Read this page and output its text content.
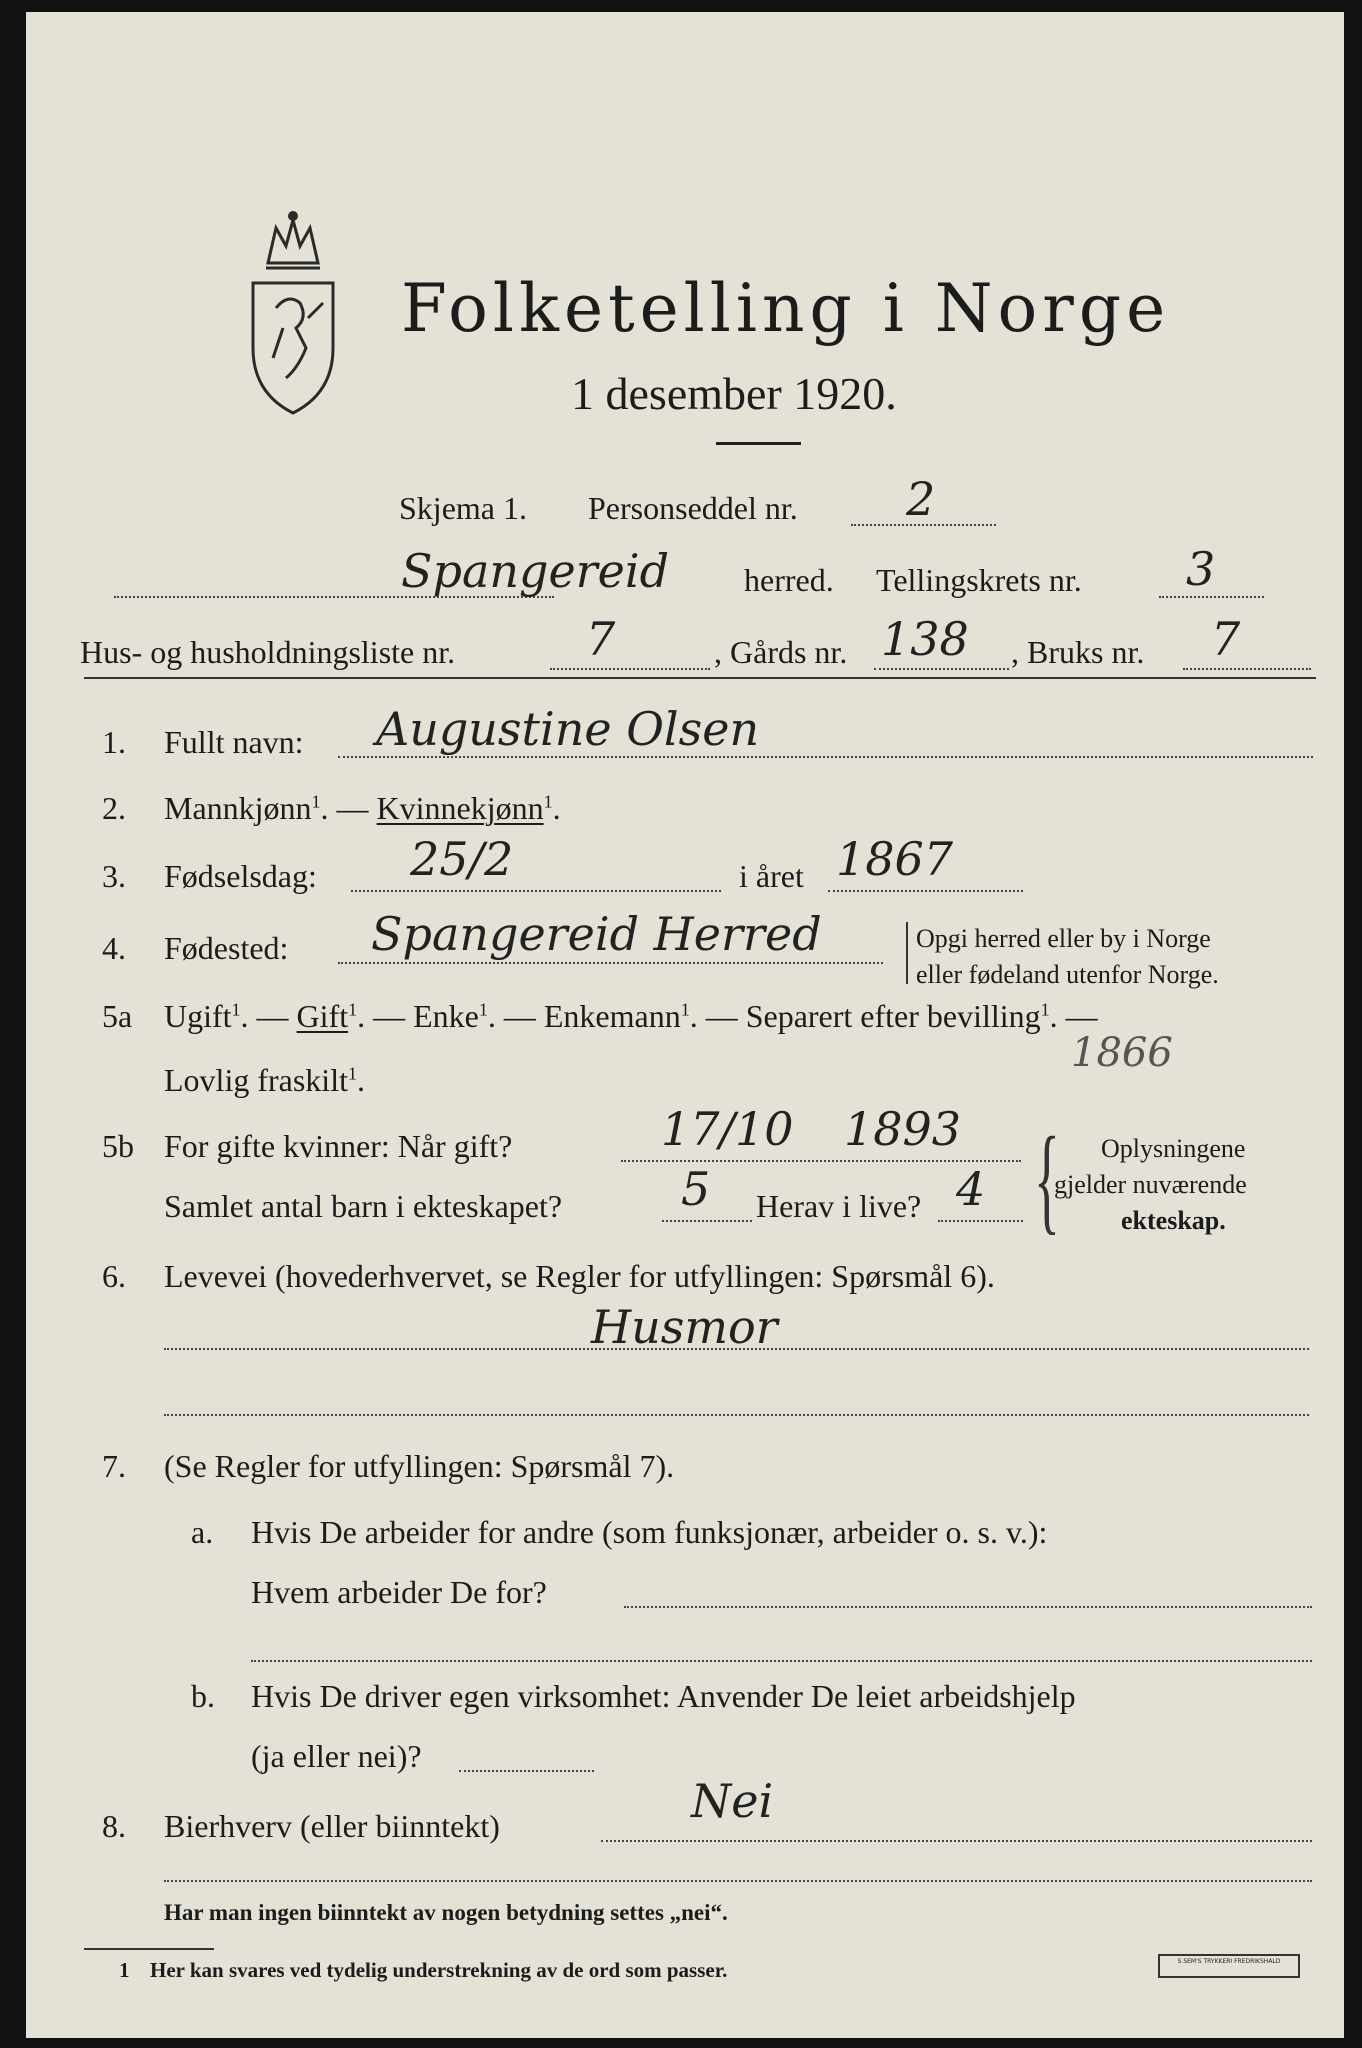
Folketelling i Norge
1 desember 1920.
Skjema 1. Personseddel nr. 2
Spangereid herred. Tellingskrets nr. 3
Hus- og husholdningsliste nr.	7	, Gårds nr. 138 , Bruks nr. 7
1.	Fullt navn: Augustine Olsen
2.	Mannkjønn$^1$. — Kvinnekjønn$^1$.
3.	Fødselsdag: 25/2	i året 1867
4.	Fødested: Spangereid Herred	Opgi herred eller by i Norge
eller fødeland utenfor Norge.
5a Ugift$^1$. — Gift$^1$. — Enke$^1$. — Enkemann$^1$. — Separert efter bevilling$^1$. —
Lovlig fraskilt$^1$.
1866
5b For gifte kvinner: Når gift?	17/10 1893
Samlet antal barn i ekteskapet?	5 Herav i live? 4 { Oplysningene
gjelder nuværende
ekteskap.
6.	Levevei (hovederhvervet, se Regler for utfyllingen: Spørsmål 6).
Husmor
7.	(Se Regler for utfyllingen: Spørsmål 7).
a. Hvis De arbeider for andre (som funksjonær, arbeider o. s. v.):
Hvem arbeider De for?
b. Hvis De driver egen virksomhet: Anvender De leiet arbeidshjelp
(ja eller nei)?
8.	Bierhverv (eller biinntekt)	Nei
Har man ingen biinntekt av nogen betydning settes „nei“.
1 Her kan svares ved tydelig understrekning av de ord som passer.	S.SEM'S TRYKKERI FREDRIKSHALD
